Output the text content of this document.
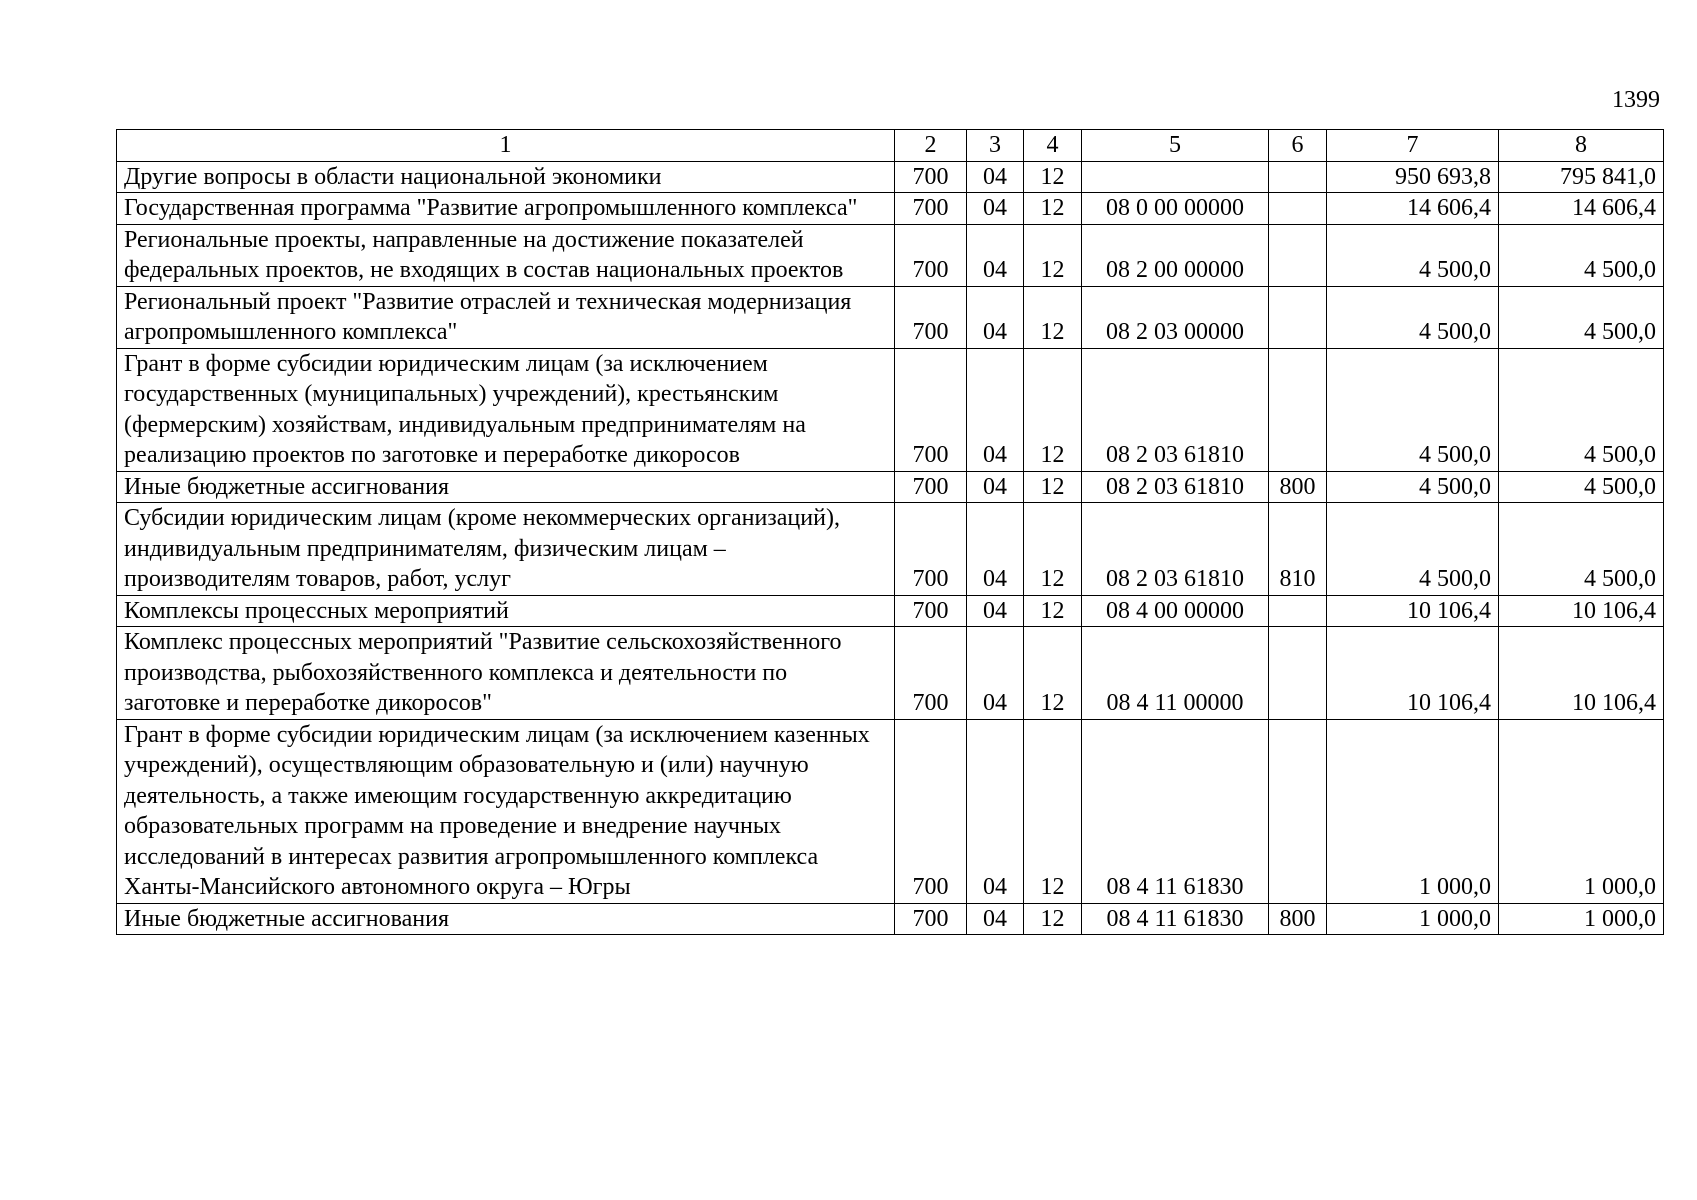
1399
1	2	3	4	5	6	7	8
Другие вопросы в области национальной экономики	700	04	12			950 693,8	795 841,0
Государственная программа "Развитие агропромышленного комплекса"	700	04	12	08 0 00 00000		14 606,4	14 606,4
Региональные проекты, направленные на достижение показателей федеральных проектов, не входящих в состав национальных проектов	700	04	12	08 2 00 00000		4 500,0	4 500,0
Региональный проект "Развитие отраслей и техническая модернизация агропромышленного комплекса"	700	04	12	08 2 03 00000		4 500,0	4 500,0
Грант в форме субсидии юридическим лицам (за исключением государственных (муниципальных) учреждений), крестьянским (фермерским) хозяйствам, индивидуальным предпринимателям на реализацию проектов по заготовке и переработке дикоросов	700	04	12	08 2 03 61810		4 500,0	4 500,0
Иные бюджетные ассигнования	700	04	12	08 2 03 61810	800	4 500,0	4 500,0
Субсидии юридическим лицам (кроме некоммерческих организаций), индивидуальным предпринимателям, физическим лицам – производителям товаров, работ, услуг	700	04	12	08 2 03 61810	810	4 500,0	4 500,0
Комплексы процессных мероприятий	700	04	12	08 4 00 00000		10 106,4	10 106,4
Комплекс процессных мероприятий "Развитие сельскохозяйственного производства, рыбохозяйственного комплекса и деятельности по заготовке и переработке дикоросов"	700	04	12	08 4 11 00000		10 106,4	10 106,4
Грант в форме субсидии юридическим лицам (за исключением казенных учреждений), осуществляющим образовательную и (или) научную деятельность, а также имеющим государственную аккредитацию образовательных программ на проведение и внедрение научных исследований в интересах развития агропромышленного комплекса Ханты-Мансийского автономного округа – Югры	700	04	12	08 4 11 61830		1 000,0	1 000,0
Иные бюджетные ассигнования	700	04	12	08 4 11 61830	800	1 000,0	1 000,0
